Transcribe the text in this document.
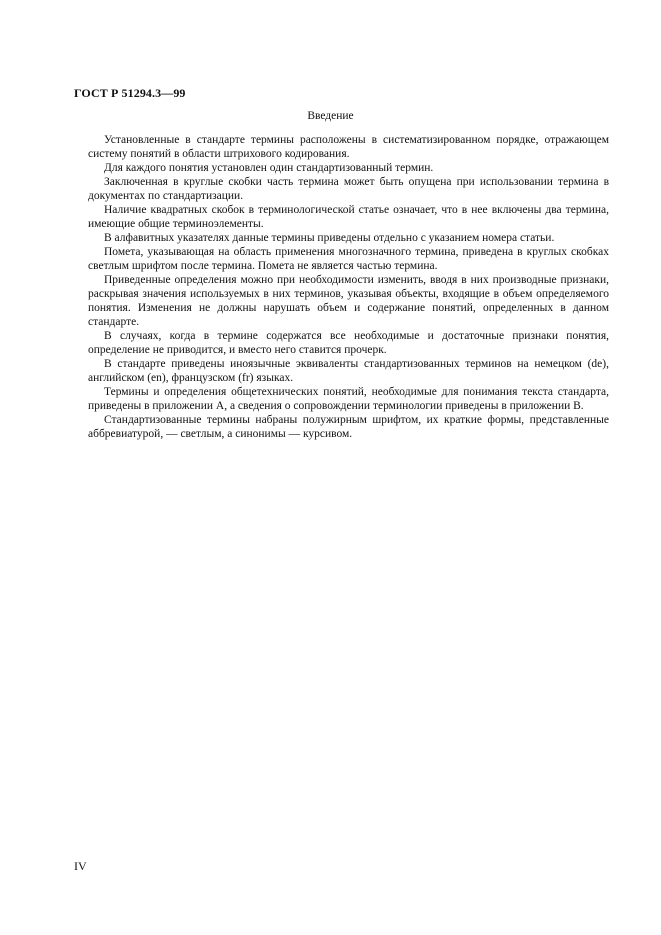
ГОСТ Р 51294.3—99
Введение

Установленные в стандарте термины расположены в систематизированном порядке, отражающем систему понятий в области штрихового кодирования.

Для каждого понятия установлен один стандартизованный термин.

Заключенная в круглые скобки часть термина может быть опущена при использовании термина в документах по стандартизации.

Наличие квадратных скобок в терминологической статье означает, что в нее включены два термина, имеющие общие терминоэлементы.

В алфавитных указателях данные термины приведены отдельно с указанием номера статьи.

Помета, указывающая на область применения многозначного термина, приведена в круглых скобках светлым шрифтом после термина. Помета не является частью термина.

Приведенные определения можно при необходимости изменить, вводя в них производные признаки, раскрывая значения используемых в них терминов, указывая объекты, входящие в объем определяемого понятия. Изменения не должны нарушать объем и содержание понятий, определенных в данном стандарте.

В случаях, когда в термине содержатся все необходимые и достаточные признаки понятия, определение не приводится, и вместо него ставится прочерк.

В стандарте приведены иноязычные эквиваленты стандартизованных терминов на немецком (de), английском (en), французском (fr) языках.

Термины и определения общетехнических понятий, необходимые для понимания текста стандарта, приведены в приложении А, а сведения о сопровождении терминологии приведены в приложении В.

Стандартизованные термины набраны полужирным шрифтом, их краткие формы, представленные аббревиатурой, — светлым, а синонимы — курсивом.

IV
